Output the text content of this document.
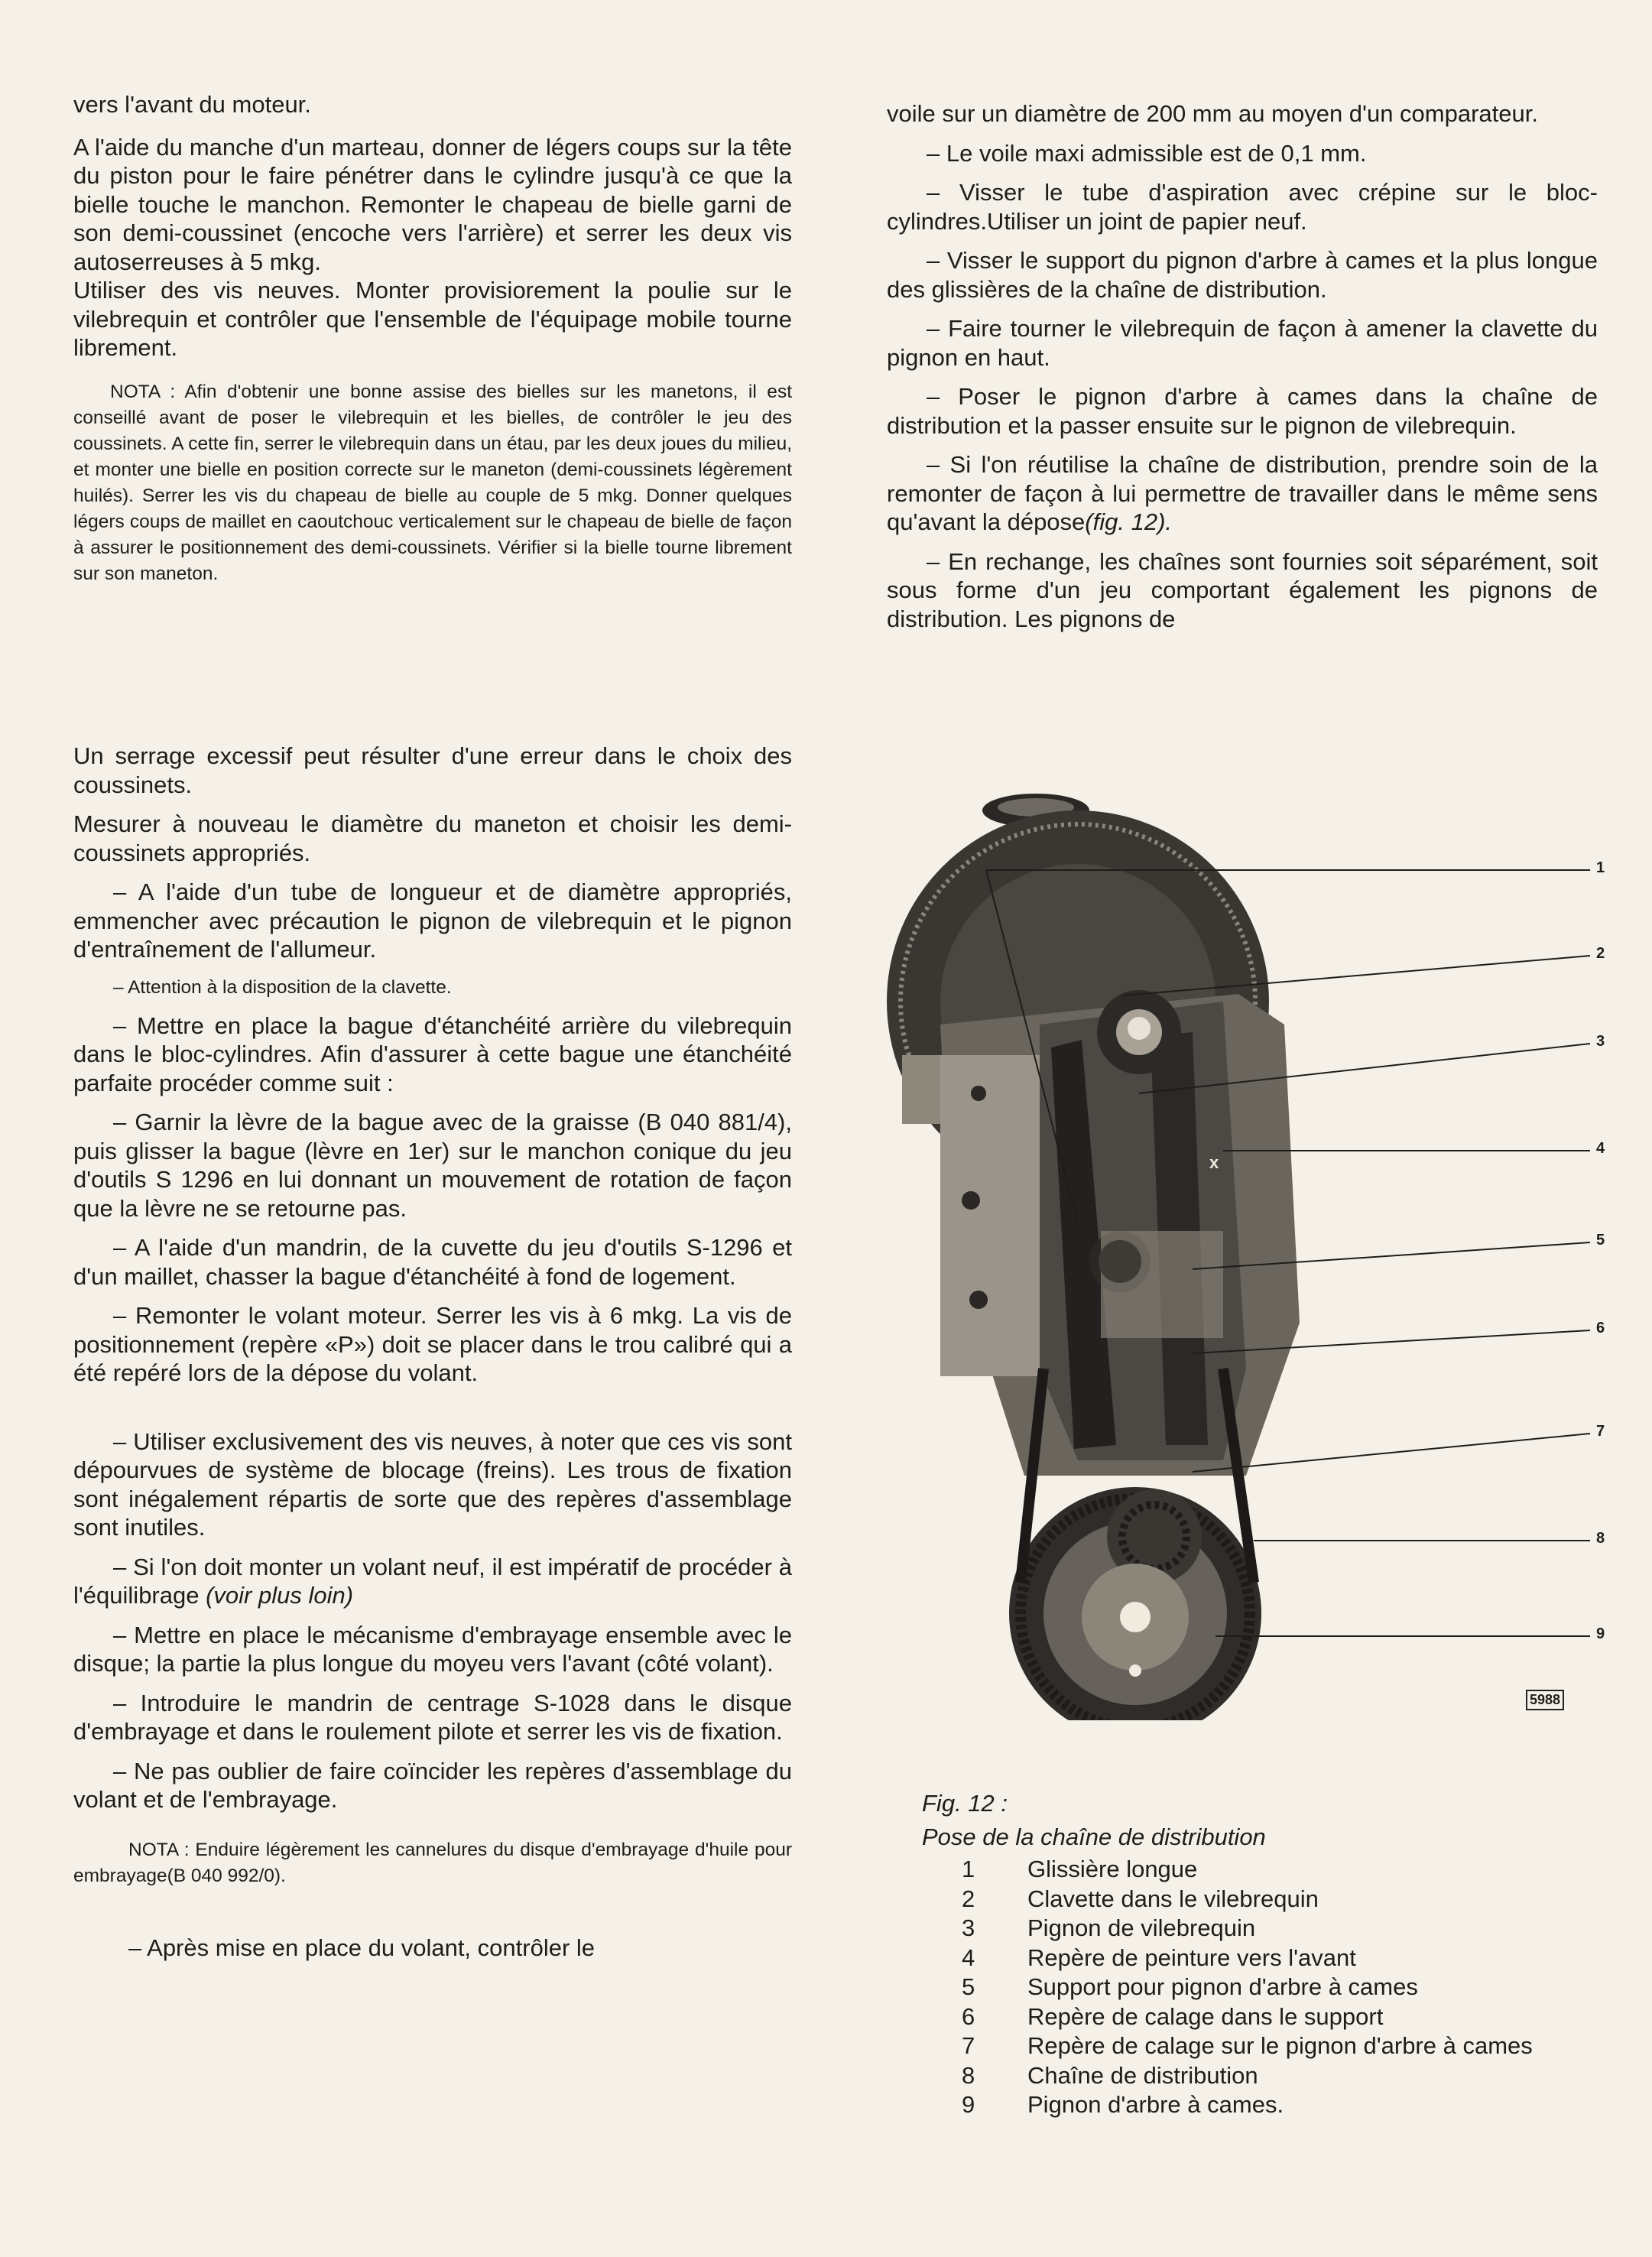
vers l'avant du moteur.

A l'aide du manche d'un marteau, donner de légers coups sur la tête du piston pour le faire pénétrer dans le cylindre jusqu'à ce que la bielle touche le manchon. Remonter le chapeau de bielle garni de son demi-coussinet (encoche vers l'arrière) et serrer les deux vis autoserreuses à 5 mkg.

Utiliser des vis neuves. Monter provisiorement la poulie sur le vilebrequin et contrôler que l'ensemble de l'équipage mobile tourne librement.

NOTA : Afin d'obtenir une bonne assise des bielles sur les manetons, il est conseillé avant de poser le vilebrequin et les bielles, de contrôler le jeu des coussinets. A cette fin, serrer le vilebrequin dans un étau, par les deux joues du milieu, et monter une bielle en position correcte sur le maneton (demi-coussinets légèrement huilés). Serrer les vis du chapeau de bielle au couple de 5 mkg. Donner quelques légers coups de maillet en caoutchouc verticalement sur le chapeau de bielle de façon à assurer le positionnement des demi-coussinets. Vérifier si la bielle tourne librement sur son maneton.

Un serrage excessif peut résulter d'une erreur dans le choix des coussinets.

Mesurer à nouveau le diamètre du maneton et choisir les demi-coussinets appropriés.

– A l'aide d'un tube de longueur et de diamètre appropriés, emmencher avec précaution le pignon de vilebrequin et le pignon d'entraînement de l'allumeur.

– Attention à la disposition de la clavette.

– Mettre en place la bague d'étanchéité arrière du vilebrequin dans le bloc-cylindres. Afin d'assurer à cette bague une étanchéité parfaite procéder comme suit :

– Garnir la lèvre de la bague avec de la graisse (B 040 881/4), puis glisser la bague (lèvre en 1er) sur le manchon conique du jeu d'outils S 1296 en lui donnant un mouvement de rotation de façon que la lèvre ne se retourne pas.

– A l'aide d'un mandrin, de la cuvette du jeu d'outils S-1296 et d'un maillet, chasser la bague d'étanchéité à fond de logement.

– Remonter le volant moteur. Serrer les vis à 6 mkg. La vis de positionnement (repère «P») doit se placer dans le trou calibré qui a été repéré lors de la dépose du volant.

– Utiliser exclusivement des vis neuves, à noter que ces vis sont dépourvues de système de blocage (freins). Les trous de fixation sont inégalement répartis de sorte que des repères d'assemblage sont inutiles.

– Si l'on doit monter un volant neuf, il est impératif de procéder à l'équilibrage (voir plus loin)

– Mettre en place le mécanisme d'embrayage ensemble avec le disque; la partie la plus longue du moyeu vers l'avant (côté volant).

– Introduire le mandrin de centrage S-1028 dans le disque d'embrayage et dans le roulement pilote et serrer les vis de fixation.

– Ne pas oublier de faire coïncider les repères d'assemblage du volant et de l'embrayage.

NOTA : Enduire légèrement les cannelures du disque d'embrayage d'huile pour embrayage(B 040 992/0).

– Après mise en place du volant, contrôler le

voile sur un diamètre de 200 mm au moyen d'un comparateur.

– Le voile maxi admissible est de 0,1 mm.

– Visser le tube d'aspiration avec crépine sur le bloc-cylindres.Utiliser un joint de papier neuf.

– Visser le support du pignon d'arbre à cames et la plus longue des glissières de la chaîne de distribution.

– Faire tourner le vilebrequin de façon à amener la clavette du pignon en haut.

– Poser le pignon d'arbre à cames dans la chaîne de distribution et la passer ensuite sur le pignon de vilebrequin.

– Si l'on réutilise la chaîne de distribution, prendre soin de la remonter de façon à lui permettre de travailler dans le même sens qu'avant la dépose(fig. 12).

– En rechange, les chaînes sont fournies soit séparément, soit sous forme d'un jeu comportant également les pignons de distribution. Les pignons de

x
1
2
3
4
5
6
7
8
9
5988
Fig. 12 :
Pose de la chaîne de distribution
1	Glissière longue
2	Clavette dans le vilebrequin
3	Pignon de vilebrequin
4	Repère de peinture vers l'avant
5	Support pour pignon d'arbre à cames
6	Repère de calage dans le support
7	Repère de calage sur le pignon d'arbre à cames
8	Chaîne de distribution
9	Pignon d'arbre à cames.
